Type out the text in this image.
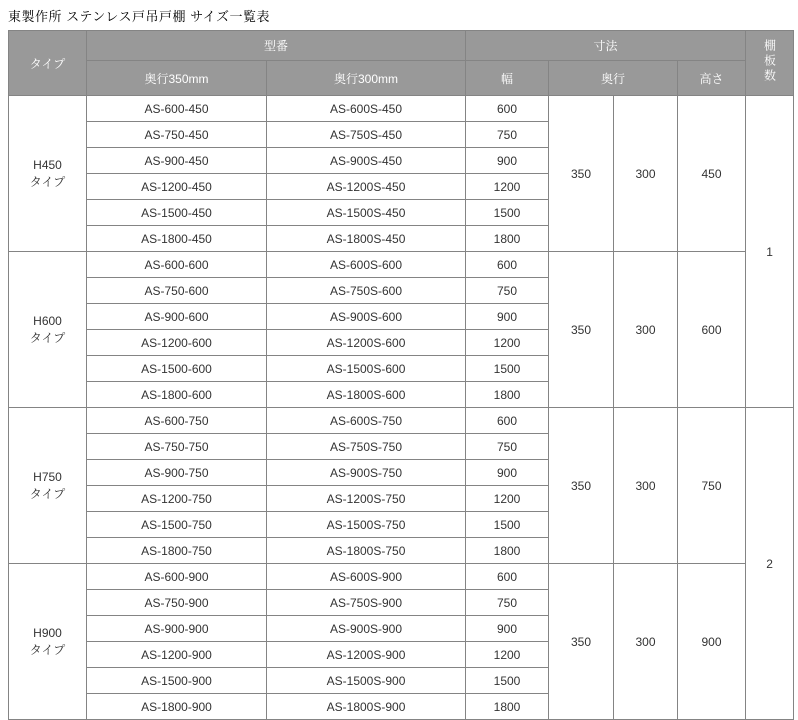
東製作所 ステンレス戸吊戸棚 サイズ一覧表
タイプ	型番		寸法				棚板数
	奥行350mm	奥行300mm	幅	奥行		高さ	

H450
タイプ	AS-600-450	AS-600S-450	600	350	300	450	1
	AS-750-450	AS-750S-450	750				
	AS-900-450	AS-900S-450	900				
	AS-1200-450	AS-1200S-450	1200				
	AS-1500-450	AS-1500S-450	1500				
	AS-1800-450	AS-1800S-450	1800				

H600
タイプ	AS-600-600	AS-600S-600	600	350	300	600	
	AS-750-600	AS-750S-600	750				
	AS-900-600	AS-900S-600	900				
	AS-1200-600	AS-1200S-600	1200				
	AS-1500-600	AS-1500S-600	1500				
	AS-1800-600	AS-1800S-600	1800				

H750
タイプ	AS-600-750	AS-600S-750	600	350	300	750	2
	AS-750-750	AS-750S-750	750				
	AS-900-750	AS-900S-750	900				
	AS-1200-750	AS-1200S-750	1200				
	AS-1500-750	AS-1500S-750	1500				
	AS-1800-750	AS-1800S-750	1800				

H900
タイプ	AS-600-900	AS-600S-900	600	350	300	900	
	AS-750-900	AS-750S-900	750				
	AS-900-900	AS-900S-900	900				
	AS-1200-900	AS-1200S-900	1200				
	AS-1500-900	AS-1500S-900	1500				
	AS-1800-900	AS-1800S-900	1800				
